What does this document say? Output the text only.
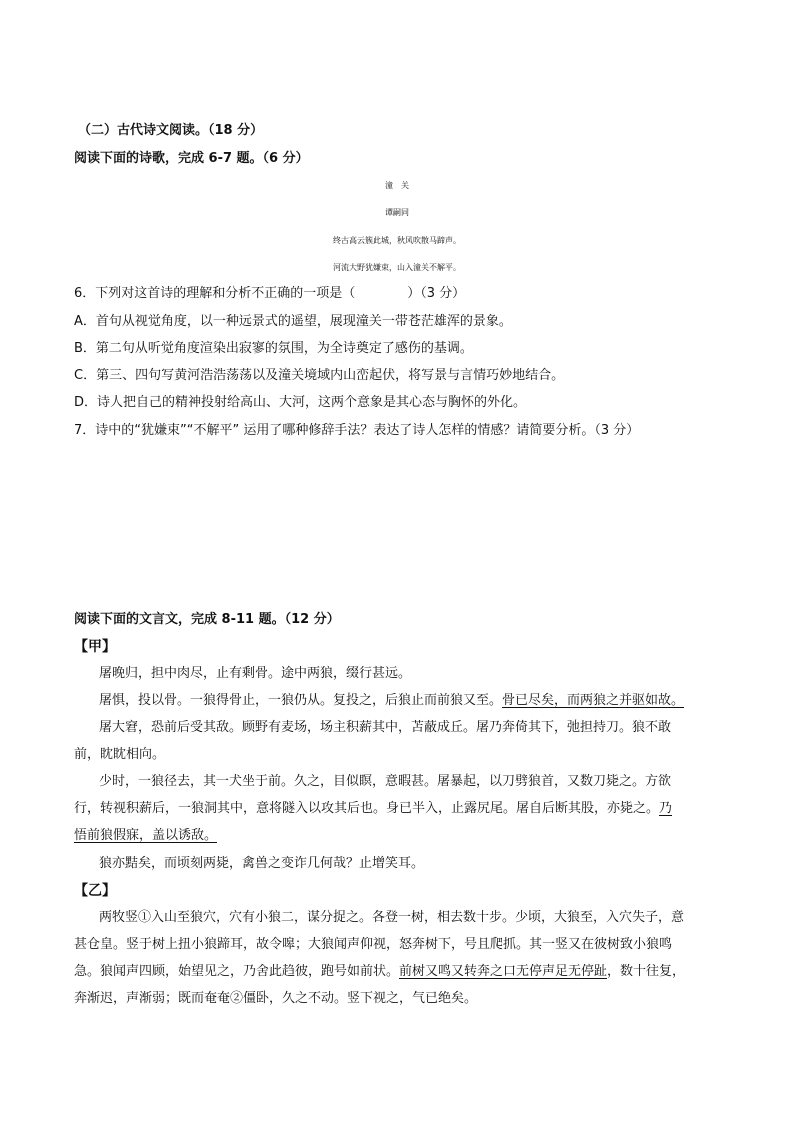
（二）古代诗文阅读。（18 分）
阅读下面的诗歌，完成 6-7 题。（6 分）
潼　关
谭嗣同
终古高云簇此城，秋风吹散马蹄声。
河流大野犹嫌束，山入潼关不解平。
6．下列对这首诗的理解和分析不正确的一项是（　　　　）（3 分）
A．首句从视觉角度，以一种远景式的遥望，展现潼关一带苍茫雄浑的景象。
B．第二句从听觉角度渲染出寂寥的氛围，为全诗奠定了感伤的基调。
C．第三、四句写黄河浩浩荡荡以及潼关境域内山峦起伏，将写景与言情巧妙地结合。
D．诗人把自己的精神投射给高山、大河，这两个意象是其心态与胸怀的外化。
7．诗中的“犹嫌束”“不解平” 运用了哪种修辞手法？表达了诗人怎样的情感？请简要分析。（3 分）
阅读下面的文言文，完成 8-11 题。（12 分）
【甲】
屠晚归，担中肉尽，止有剩骨。途中两狼，缀行甚远。
屠惧，投以骨。一狼得骨止，一狼仍从。复投之，后狼止而前狼又至。骨已尽矣，而两狼之并驱如故。
屠大窘，恐前后受其敌。顾野有麦场，场主积薪其中，苫蔽成丘。屠乃奔倚其下，弛担持刀。狼不敢
前，眈眈相向。
少时，一狼径去，其一犬坐于前。久之，目似瞑，意暇甚。屠暴起，以刀劈狼首，又数刀毙之。方欲
行，转视积薪后，一狼洞其中，意将隧入以攻其后也。身已半入，止露尻尾。屠自后断其股，亦毙之。乃
悟前狼假寐，盖以诱敌。
狼亦黠矣，而顷刻两毙，禽兽之变诈几何哉？止增笑耳。
【乙】
两牧竖①入山至狼穴，穴有小狼二，谋分捉之。各登一树，相去数十步。少顷，大狼至，入穴失子，意
甚仓皇。竖于树上扭小狼蹄耳，故令嗥；大狼闻声仰视，怒奔树下，号且爬抓。其一竖又在彼树致小狼鸣
急。狼闻声四顾，始望见之，乃舍此趋彼，跑号如前状。前树又鸣又转奔之口无停声足无停趾，数十往复，
奔渐迟，声渐弱；既而奄奄②僵卧，久之不动。竖下视之，气已绝矣。
